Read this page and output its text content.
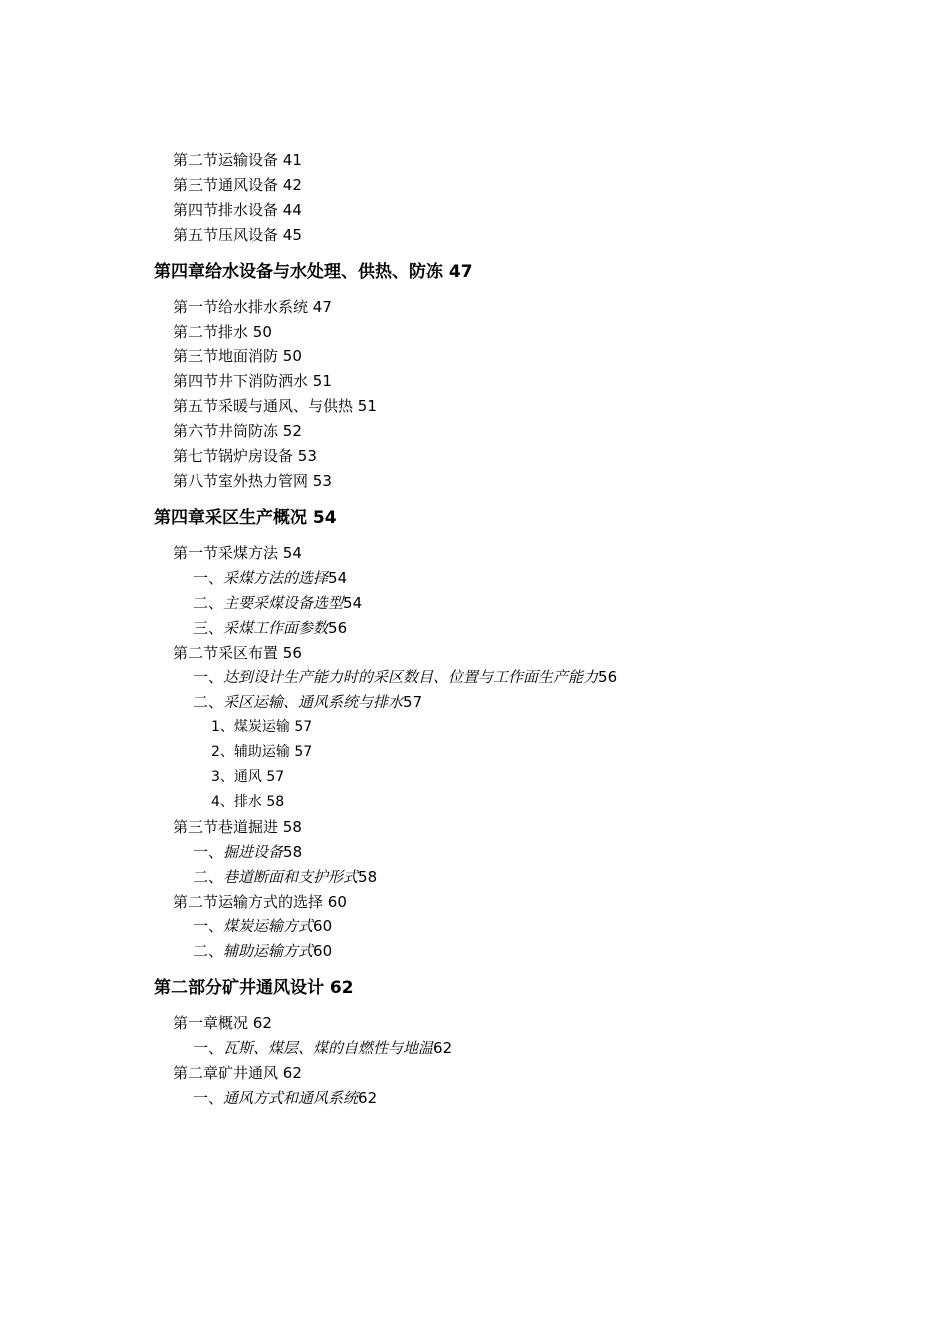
第二节运输设备 41
第三节通风设备 42
第四节排水设备 44
第五节压风设备 45
第四章给水设备与水处理、供热、防冻 47
第一节给水排水系统 47
第二节排水 50
第三节地面消防 50
第四节井下消防洒水 51
第五节采暖与通风、与供热 51
第六节井筒防冻 52
第七节锅炉房设备 53
第八节室外热力管网 53
第四章采区生产概况 54
第一节采煤方法 54
一、采煤方法的选择54
二、主要采煤设备选型54
三、采煤工作面参数56
第二节采区布置 56
一、达到设计生产能力时的采区数目、位置与工作面生产能力56
二、采区运输、通风系统与排水57
1、煤炭运输 57
2、辅助运输 57
3、通风 57
4、排水 58
第三节巷道掘进 58
一、掘进设备58
二、巷道断面和支护形式58
第二节运输方式的选择 60
一、煤炭运输方式60
二、辅助运输方式60
第二部分矿井通风设计 62
第一章概况 62
一、瓦斯、煤层、煤的自燃性与地温62
第二章矿井通风 62
一、通风方式和通风系统62
